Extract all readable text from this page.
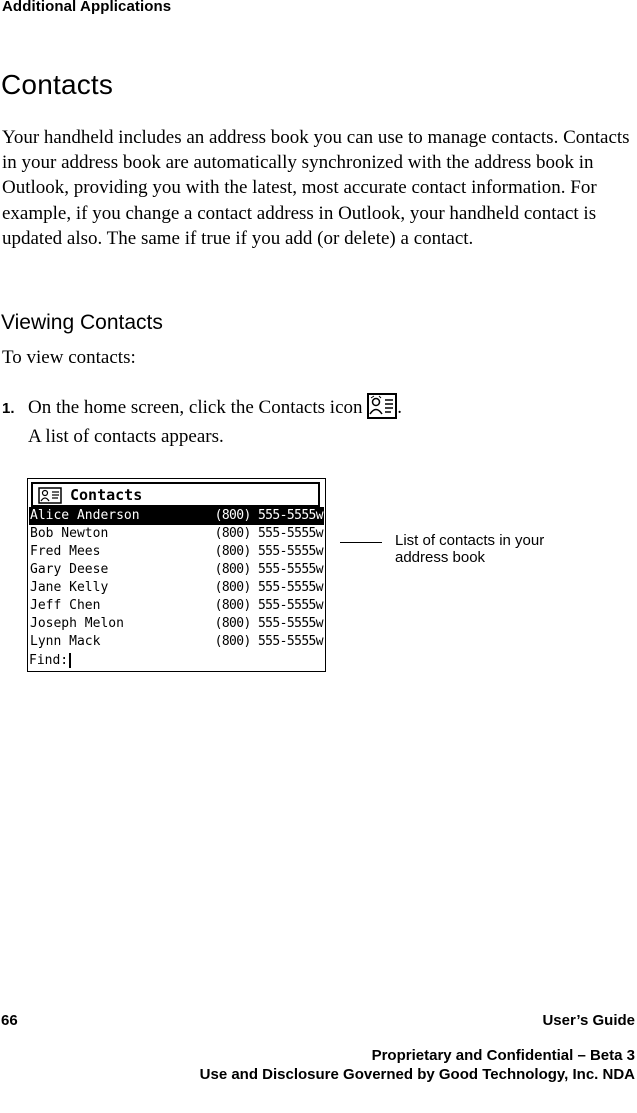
Additional Applications
Contacts

Your handheld includes an address book you can use to manage contacts. Contacts in your address book are automatically synchronized with the address book in Outlook, providing you with the latest, most accurate contact information. For example, if you change a contact address in Outlook, your handheld contact is updated also. The same if true if you add (or delete) a contact.

Viewing Contacts

To view contacts:

1. On the home screen, click the Contacts icon .

A list of contacts appears.

Contacts
Alice Anderson	(800) 555-5555w
Bob Newton	(800) 555-5555w
Fred Mees	(800) 555-5555w
Gary Deese	(800) 555-5555w
Jane Kelly	(800) 555-5555w
Jeff Chen	(800) 555-5555w
Joseph Melon	(800) 555-5555w
Lynn Mack	(800) 555-5555w
Find:
List of contacts in your address book
66	User’s Guide
Proprietary and Confidential – Beta 3
Use and Disclosure Governed by Good Technology, Inc. NDA
